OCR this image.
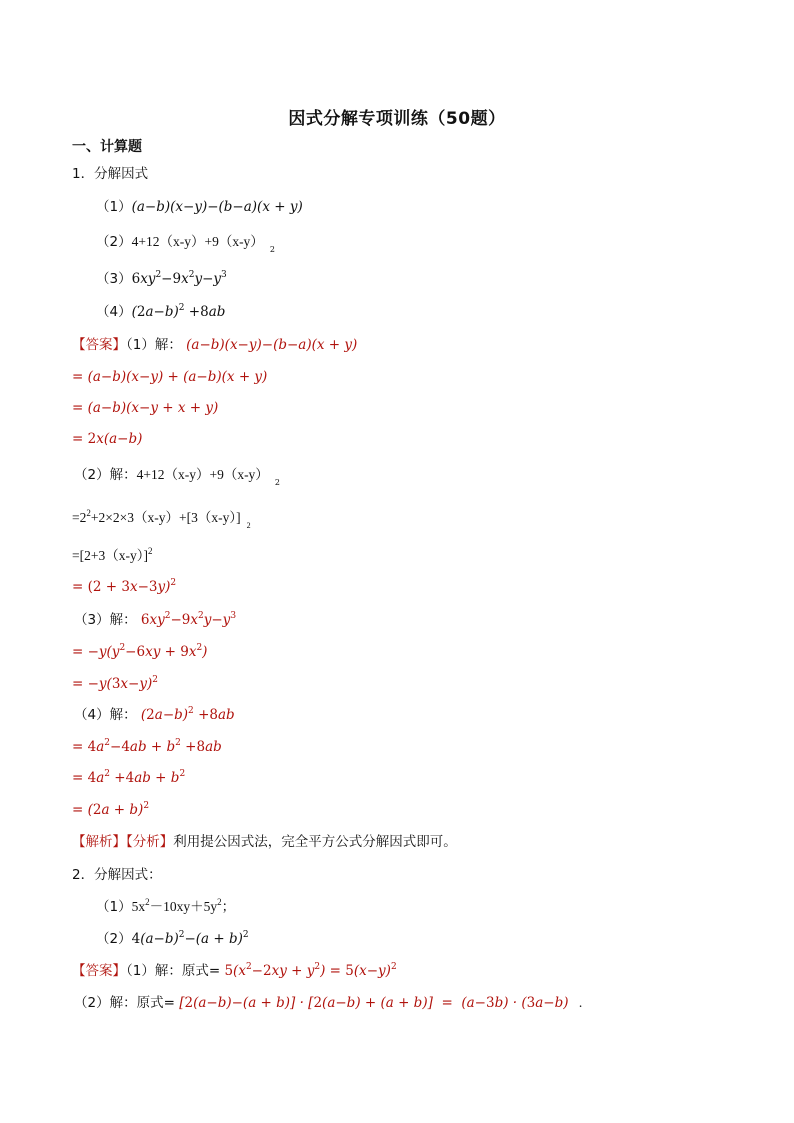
因式分解专项训练（50题）
一、计算题
1．分解因式
（1）(a−b)(x−y)−(b−a)(x + y)
$(2)4+12(x-y)+9(x-y)_2$
$(3)6xy^2-9x^2y-y^3$
$(4)(2a-b)^2 +8ab$
【答案】（1）解： (a−b)(x−y)−(b−a)(x + y)
= (a−b)(x−y) + (a−b)(x + y)
= (a−b)(x−y + x + y)
= 2x(a−b)
（2）解：$4+12(x-y)+9(x-y)_2$
$=2^2+2\times 2\times 3(x-y)+[3(x-y)]_2$
$=[2+3(x-y)]^2$
= $(2 + 3x-3y)^2$
（3）解： $6xy^2-9x^2y-y^3$
= $-y(y^2-6xy + 9x^2)$
= $-y(3x-y)^2$
（4）解： $(2a-b)^2 +8ab$
= $4a^2-4ab + b^2 +8ab$
= $4a^2 +4ab + b^2$
= $(2a + b)^2$
【解析】【分析】利用提公因式法，完全平方公式分解因式即可。
2．分解因式：
$(1)5x^2-10xy+5y^2$；
$(2)4(a-b)^2-(a + b)^2$
【答案】（1）解：原式= $5(x^2-2xy + y^2) = 5(x-y)^2$
（2）解：原式= [2(a−b)−(a + b)] · [2(a−b) + (a + b)]  =  (a−3b) · (3a−b) .
